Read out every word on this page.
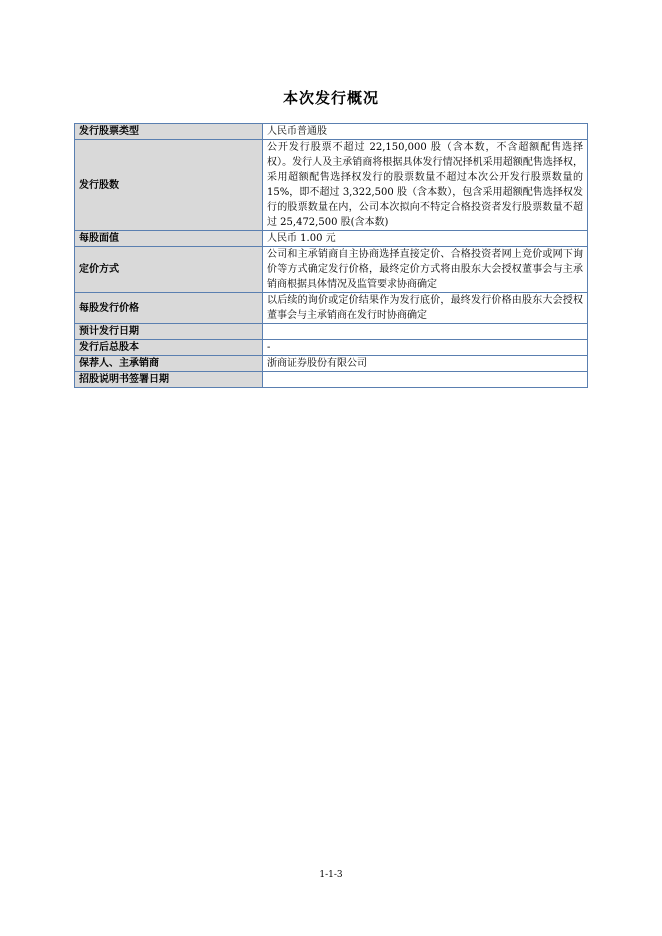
本次发行概况
发行股票类型	人民币普通股
发行股数	公开发行股票不超过 22,150,000 股（含本数，不含超额配售选择权）。发行人及主承销商将根据具体发行情况择机采用超额配售选择权，采用超额配售选择权发行的股票数量不超过本次公开发行股票数量的 15%，即不超过 3,322,500 股（含本数），包含采用超额配售选择权发行的股票数量在内，公司本次拟向不特定合格投资者发行股票数量不超过 25,472,500 股(含本数)
每股面值	人民币 1.00 元
定价方式	公司和主承销商自主协商选择直接定价、合格投资者网上竞价或网下询价等方式确定发行价格，最终定价方式将由股东大会授权董事会与主承销商根据具体情况及监管要求协商确定
每股发行价格	以后续的询价或定价结果作为发行底价，最终发行价格由股东大会授权董事会与主承销商在发行时协商确定
预计发行日期	
发行后总股本	-
保荐人、主承销商	浙商证券股份有限公司
招股说明书签署日期	
1-1-3
